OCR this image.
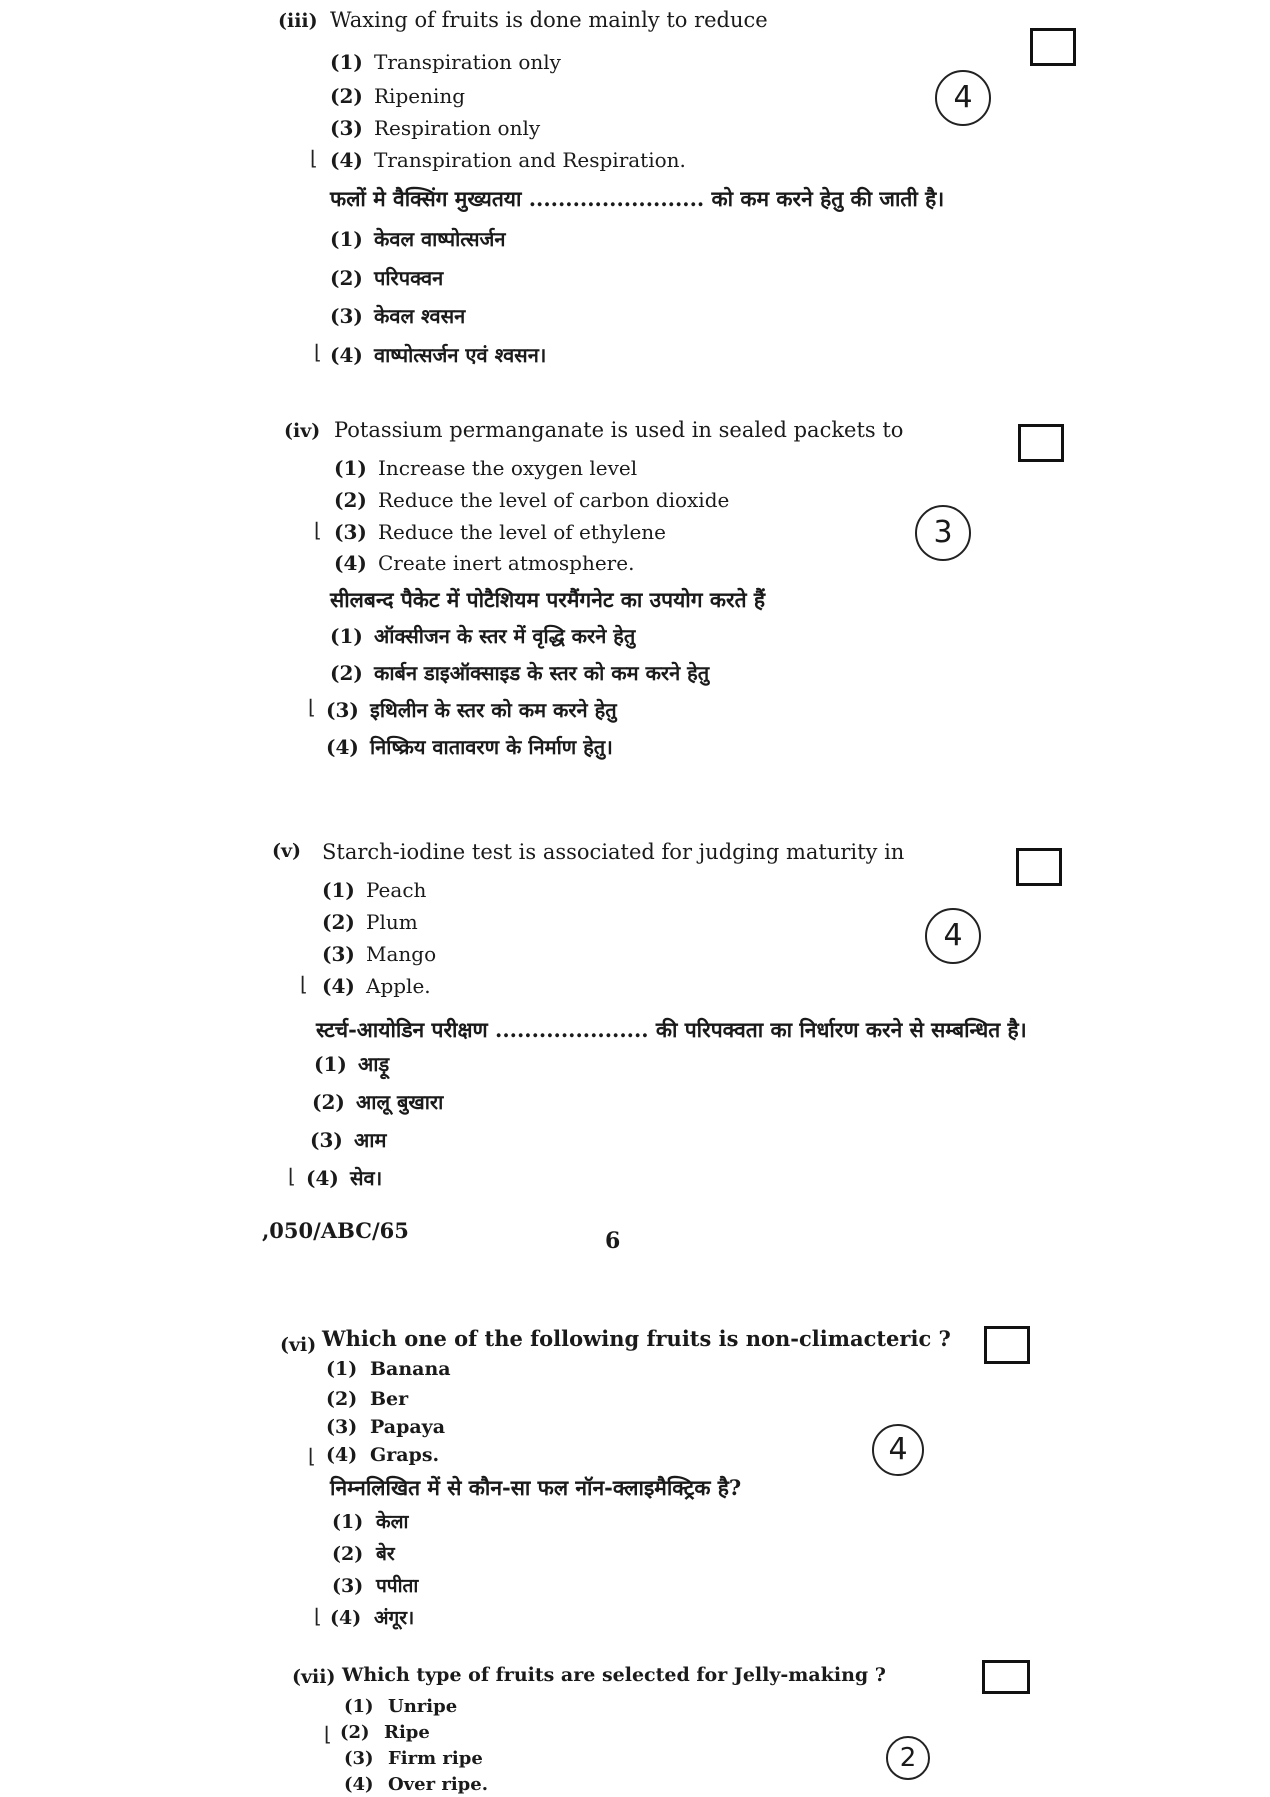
(iii) Waxing of fruits is done mainly to reduce
4
(1) Transpiration only
(2) Ripening
(3) Respiration only
⌊ (4) Transpiration and Respiration.
फलों मे वैक्सिंग मुख्यतया ........................ को कम करने हेतु की जाती है।
(1) केवल वाष्पोत्सर्जन
(2) परिपक्वन
(3) केवल श्वसन
⌊ (4) वाष्पोत्सर्जन एवं श्वसन।
(iv) Potassium permanganate is used in sealed packets to
3
(1) Increase the oxygen level
(2) Reduce the level of carbon dioxide
⌊ (3) Reduce the level of ethylene
(4) Create inert atmosphere.
सीलबन्द पैकेट में पोटैशियम परमैंगनेट का उपयोग करते हैं
(1) ऑक्सीजन के स्तर में वृद्धि करने हेतु
(2) कार्बन डाइऑक्साइड के स्तर को कम करने हेतु
⌊ (3) इथिलीन के स्तर को कम करने हेतु
(4) निष्क्रिय वातावरण के निर्माण हेतु।
(v) Starch-iodine test is associated for judging maturity in
4
(1) Peach
(2) Plum
(3) Mango
⌊ (4) Apple.
स्टर्च-आयोडिन परीक्षण ..................... की परिपक्वता का निर्धारण करने से सम्बन्धित है।
(1) आड़ू
(2) आलू बुखारा
(3) आम
⌊ (4) सेव।
,050/ABC/65	6
(vi) Which one of the following fruits is non-climacteric ?
4
(1) Banana
(2) Ber
(3) Papaya
⌊ (4) Graps.
निम्नलिखित में से कौन-सा फल नॉन-क्लाइमैक्ट्रिक है?
(1) केला
(2) बेर
(3) पपीता
⌊ (4) अंगूर।
(vii) Which type of fruits are selected for Jelly-making ?
2
(1) Unripe
⌊ (2) Ripe
(3) Firm ripe
(4) Over ripe.
